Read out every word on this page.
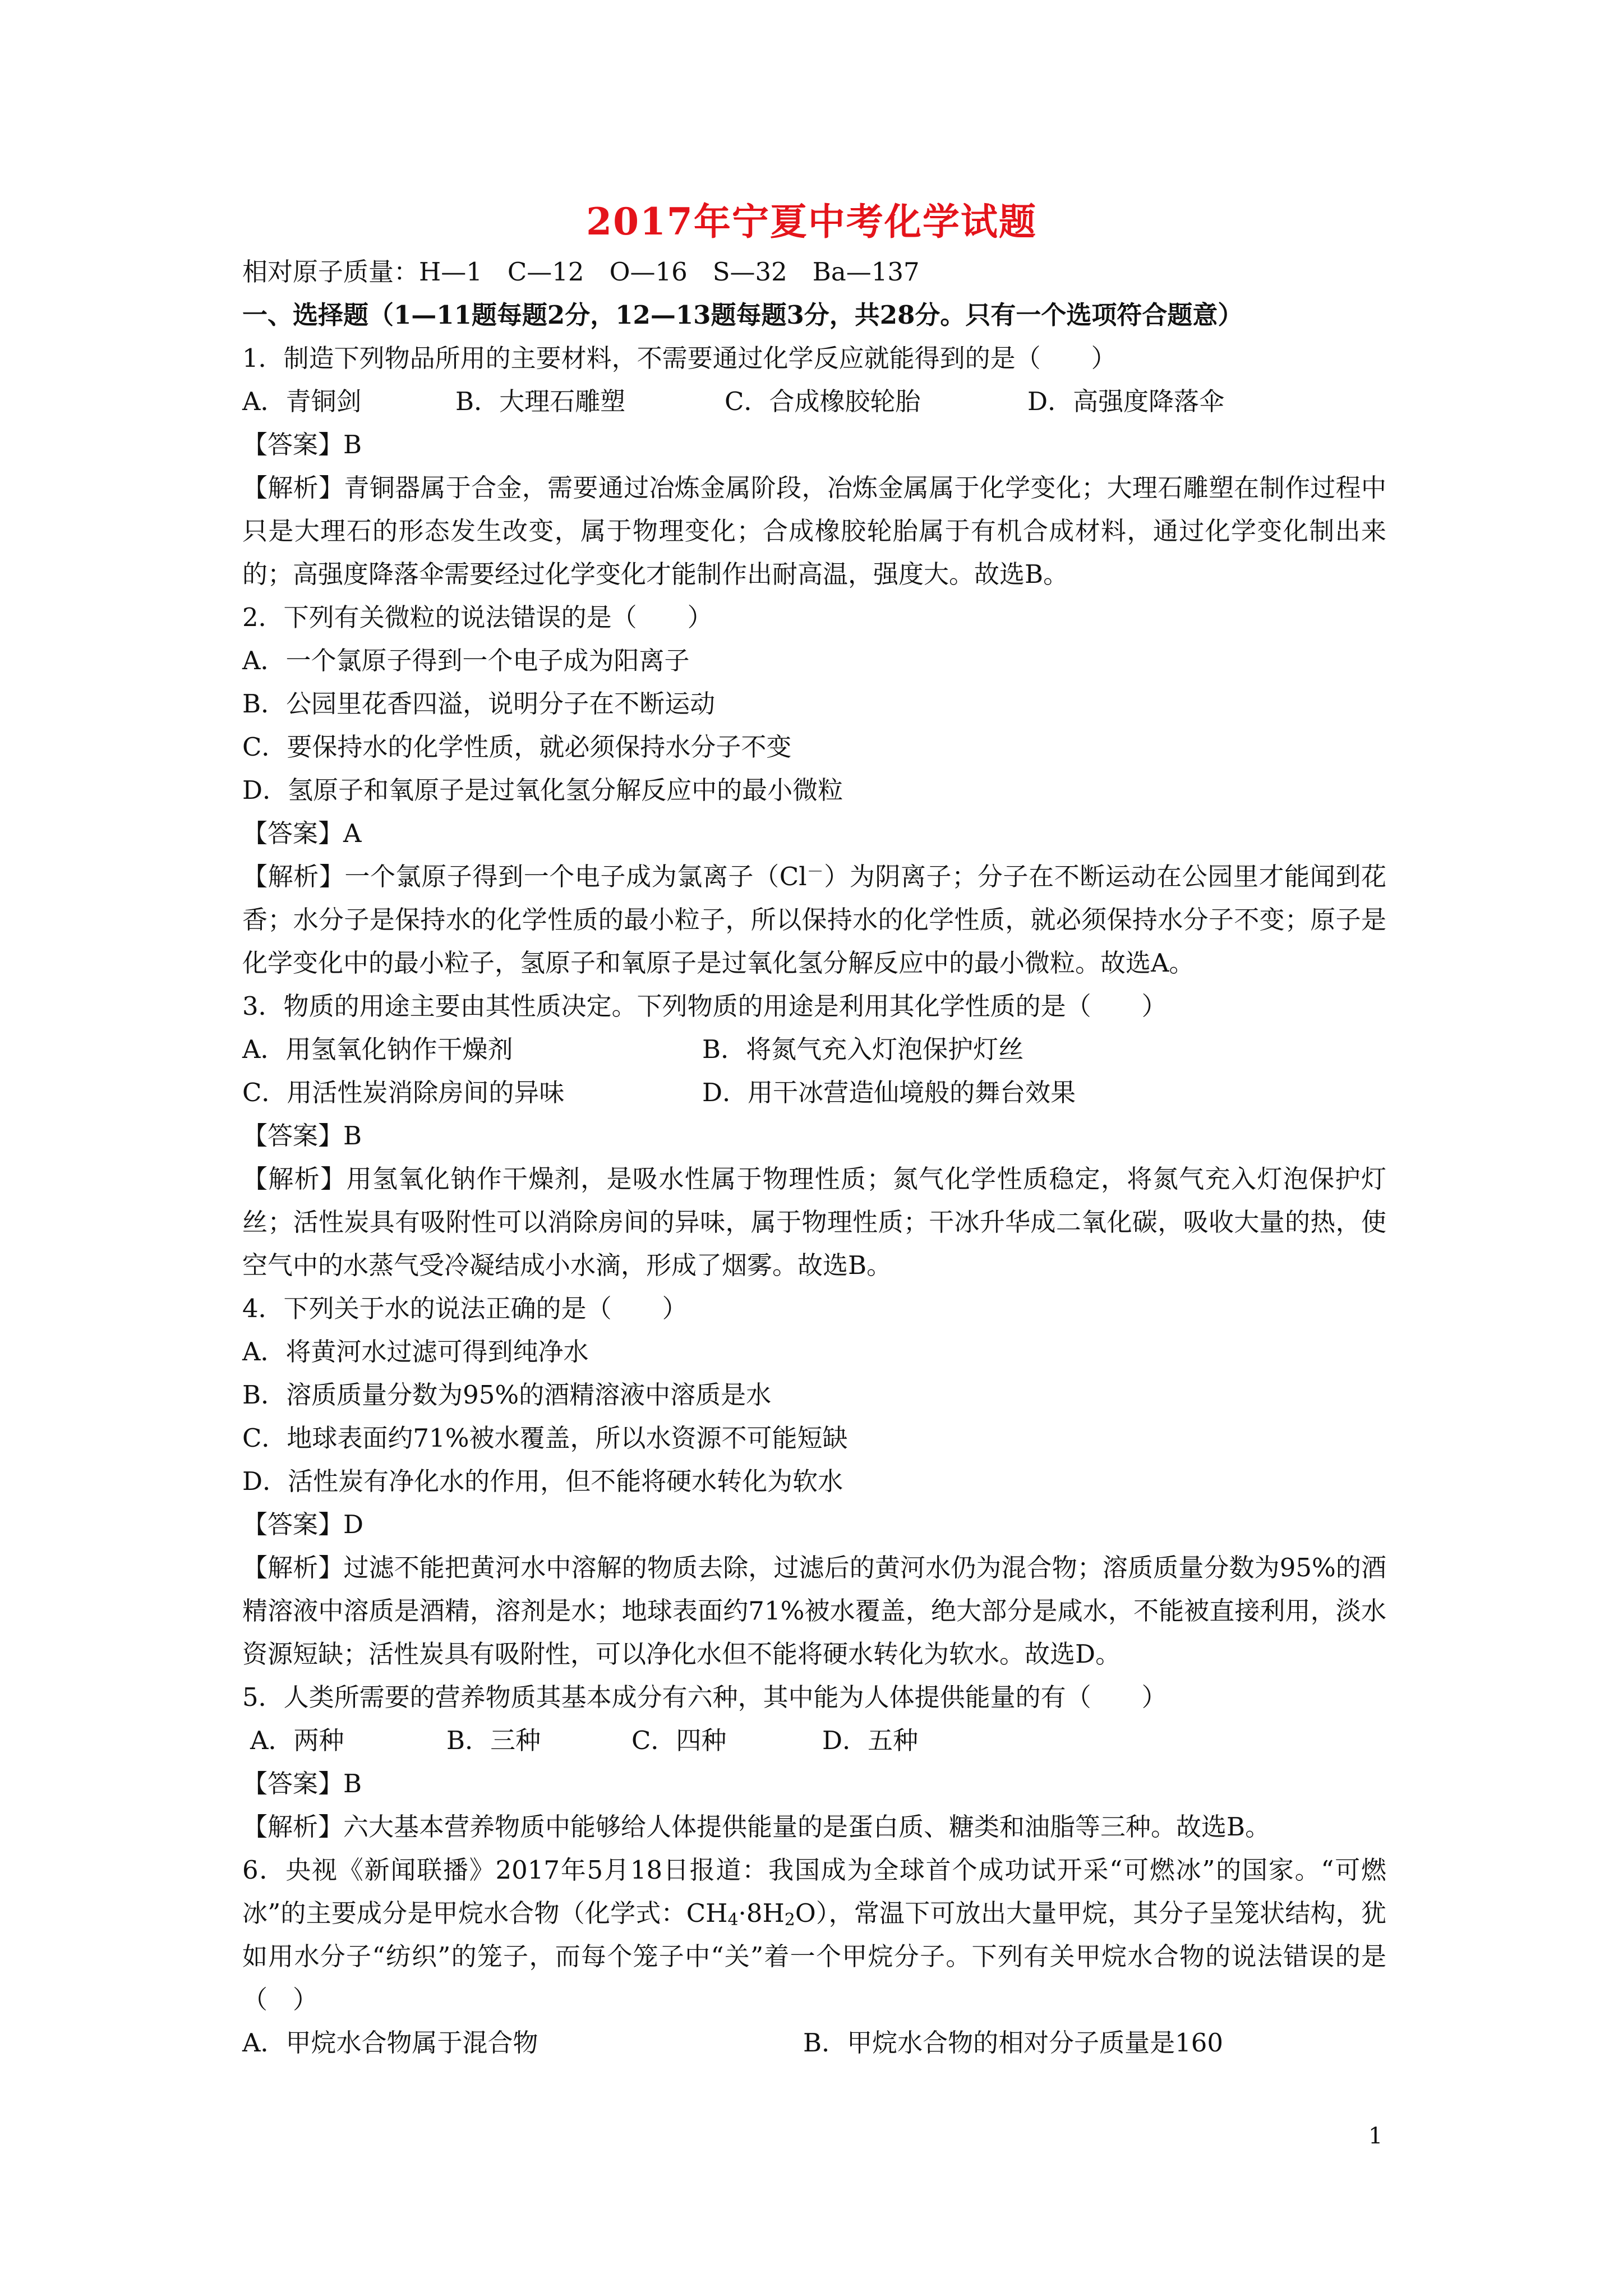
2017年宁夏中考化学试题
相对原子质量：H—1　C—12　O—16　S—32　Ba—137
一、选择题（1—11题每题2分，12—13题每题3分，共28分。只有一个选项符合题意）
1．制造下列物品所用的主要材料，不需要通过化学反应就能得到的是（　　）
A．青铜剑	B．大理石雕塑	C．合成橡胶轮胎	D．高强度降落伞
【答案】B
【解析】青铜器属于合金，需要通过冶炼金属阶段，冶炼金属属于化学变化；大理石雕塑在制作过程中只是大理石的形态发生改变，属于物理变化；合成橡胶轮胎属于有机合成材料，通过化学变化制出来的；高强度降落伞需要经过化学变化才能制作出耐高温，强度大。故选B。
2．下列有关微粒的说法错误的是（　　）
A．一个氯原子得到一个电子成为阳离子
B．公园里花香四溢，说明分子在不断运动
C．要保持水的化学性质，就必须保持水分子不变
D．氢原子和氧原子是过氧化氢分解反应中的最小微粒
【答案】A
【解析】一个氯原子得到一个电子成为氯离子（Cl－）为阴离子；分子在不断运动在公园里才能闻到花香；水分子是保持水的化学性质的最小粒子，所以保持水的化学性质，就必须保持水分子不变；原子是化学变化中的最小粒子，氢原子和氧原子是过氧化氢分解反应中的最小微粒。故选A。
3．物质的用途主要由其性质决定。下列物质的用途是利用其化学性质的是（　　）
A．用氢氧化钠作干燥剂	B．将氮气充入灯泡保护灯丝
C．用活性炭消除房间的异味	D．用干冰营造仙境般的舞台效果
【答案】B
【解析】用氢氧化钠作干燥剂，是吸水性属于物理性质；氮气化学性质稳定，将氮气充入灯泡保护灯丝；活性炭具有吸附性可以消除房间的异味，属于物理性质；干冰升华成二氧化碳，吸收大量的热，使空气中的水蒸气受冷凝结成小水滴，形成了烟雾。故选B。
4．下列关于水的说法正确的是（　　）
A．将黄河水过滤可得到纯净水
B．溶质质量分数为95%的酒精溶液中溶质是水
C．地球表面约71%被水覆盖，所以水资源不可能短缺
D．活性炭有净化水的作用，但不能将硬水转化为软水
【答案】D
【解析】过滤不能把黄河水中溶解的物质去除，过滤后的黄河水仍为混合物；溶质质量分数为95%的酒精溶液中溶质是酒精，溶剂是水；地球表面约71%被水覆盖，绝大部分是咸水，不能被直接利用，淡水资源短缺；活性炭具有吸附性，可以净化水但不能将硬水转化为软水。故选D。
5．人类所需要的营养物质其基本成分有六种，其中能为人体提供能量的有（　　）
A．两种	B．三种	C．四种	D．五种
【答案】B
【解析】六大基本营养物质中能够给人体提供能量的是蛋白质、糖类和油脂等三种。故选B。
6．央视《新闻联播》2017年5月18日报道：我国成为全球首个成功试开采“可燃冰”的国家。“可燃冰”的主要成分是甲烷水合物（化学式：$CH_4\cdot 8H_2O$），常温下可放出大量甲烷，其分子呈笼状结构，犹如用水分子“纺织”的笼子，而每个笼子中“关”着一个甲烷分子。下列有关甲烷水合物的说法错误的是（　）
A．甲烷水合物属于混合物	B．甲烷水合物的相对分子质量是160
1
